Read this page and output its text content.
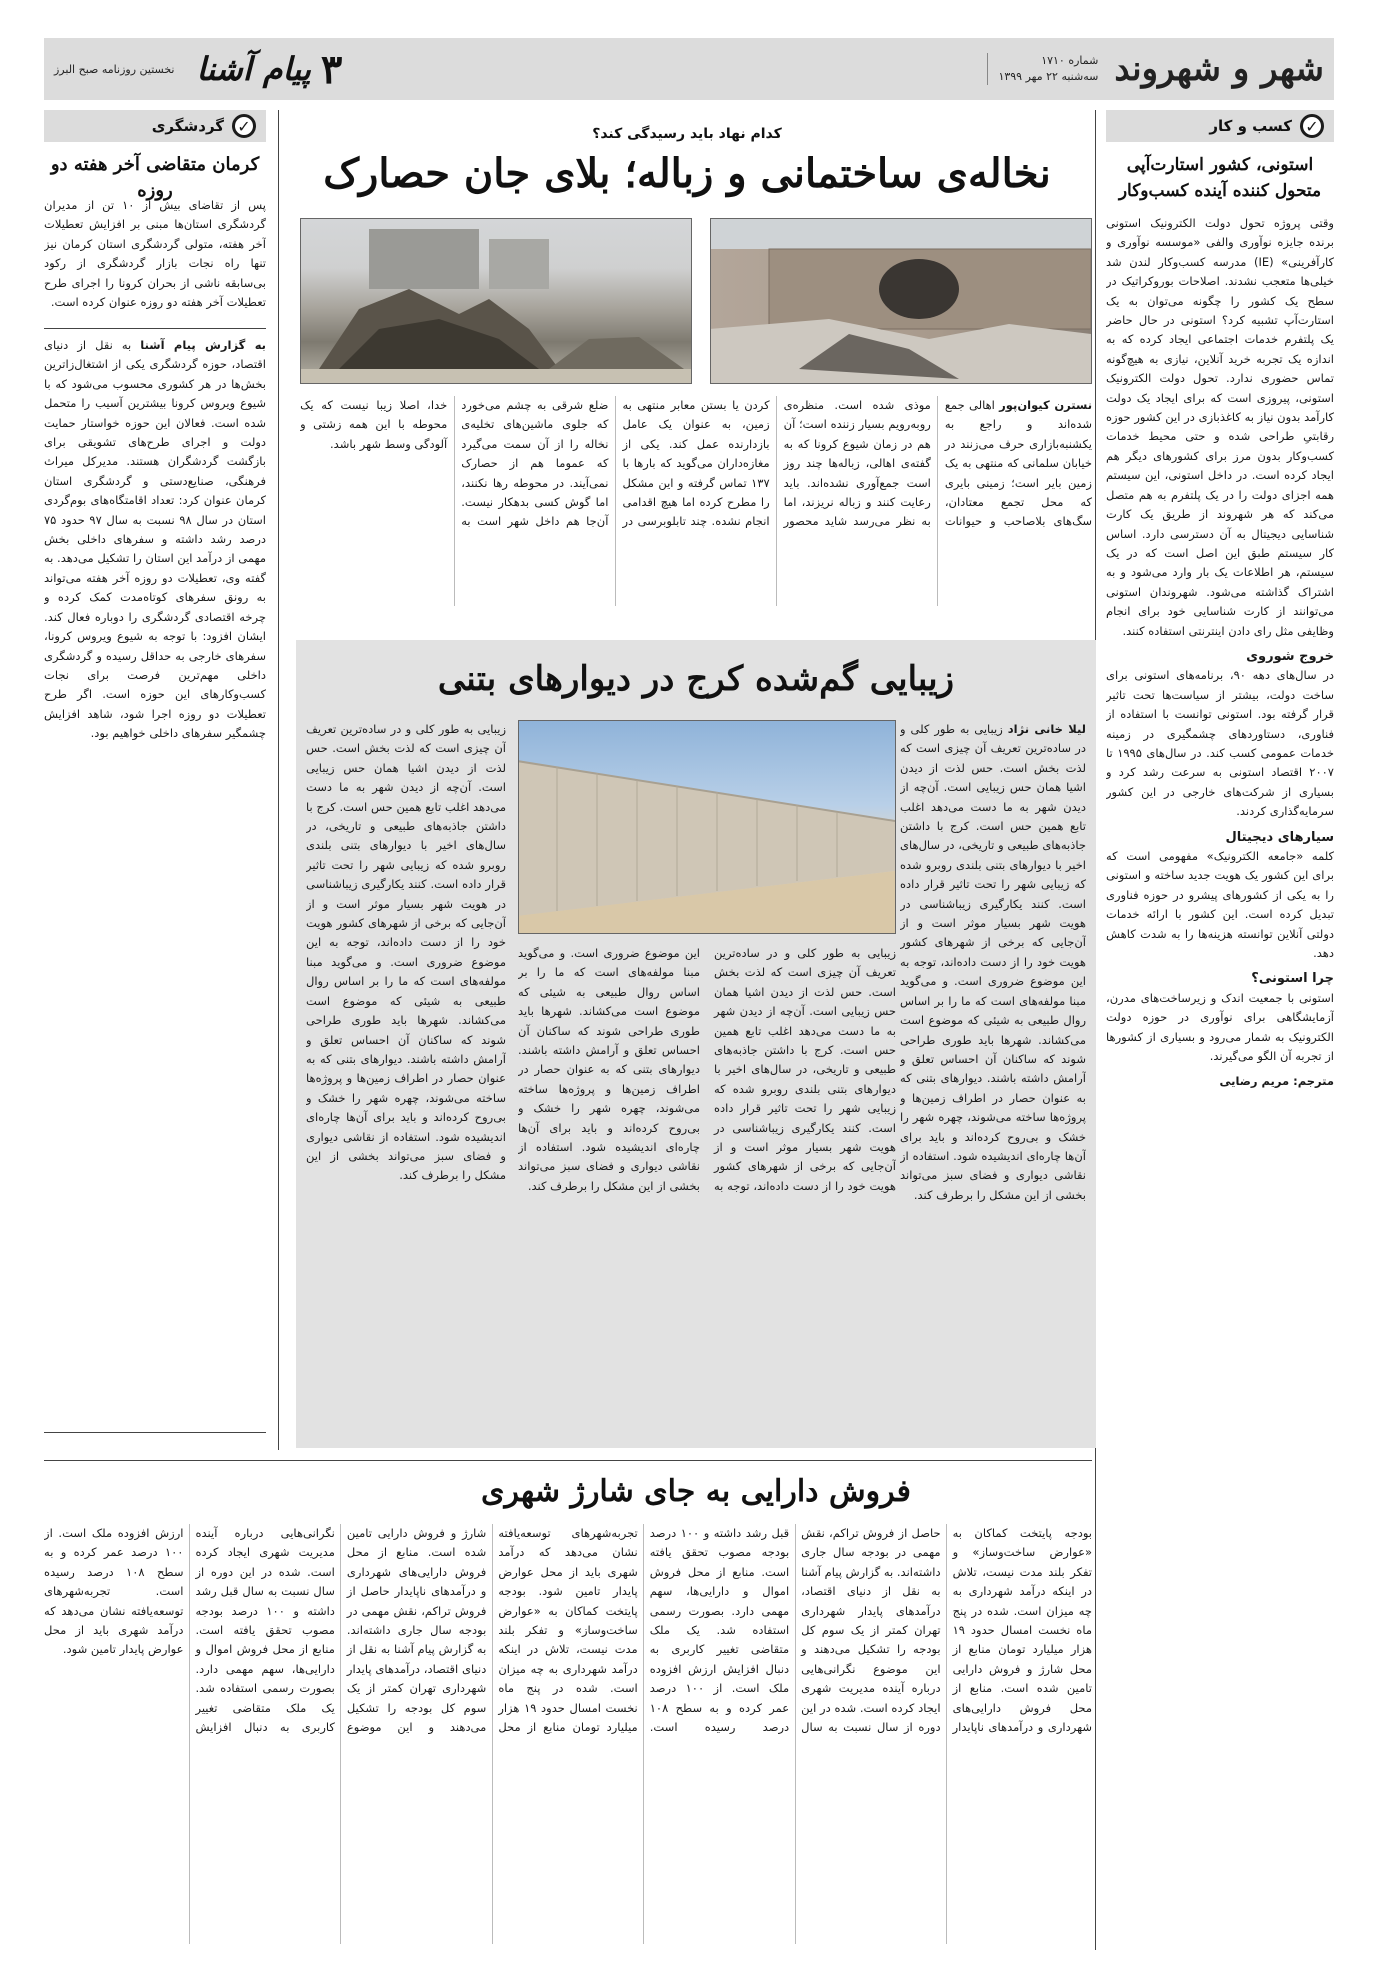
شهر و شهروند
شماره ۱۷۱۰
سه‌شنبه ۲۲ مهر ۱۳۹۹
۳
پیام آشنا
نخستین روزنامه صبح البرز
✓
کسب و کار
استونی، کشور استارت‌آپی متحول کننده آینده کسب‌وکار

وقتی پروژه تحول دولت الکترونیک استونی برنده جایزه نوآوری والفی «موسسه نوآوری و کارآفرینی» (IE) مدرسه کسب‌وکار لندن شد خیلی‌ها متعجب نشدند. اصلاحات بوروکراتیک در سطح یک کشور را چگونه می‌توان به یک استارت‌آپ تشبیه کرد؟ استونی در حال حاضر یک پلتفرم خدمات اجتماعی ایجاد کرده که به اندازه یک تجربه خرید آنلاین، نیازی به هیچ‌گونه تماس حضوری ندارد. تحول دولت الکترونیک استونی، پیروزی است که برای ایجاد یک دولت کارآمد بدون نیاز به کاغذبازی در این کشور حوزه رقابتیِ طراحی شده و حتی محیط خدمات کسب‌وکار بدون مرز برای کشورهای دیگر هم ایجاد کرده است. در داخل استونی، این سیستم همه اجزای دولت را در یک پلتفرم به هم متصل می‌کند که هر شهروند از طریق یک کارت شناسایی دیجیتال به آن دسترسی دارد. اساس کار سیستم طبق این اصل است که در یک سیستم، هر اطلاعات یک بار وارد می‌شود و به اشتراک گذاشته می‌شود. شهروندان استونی می‌توانند از کارت شناسایی خود برای انجام وظایفی مثل رای دادن اینترنتی استفاده کنند.

خروج شوروی

در سال‌های دهه ۹۰، برنامه‌های استونی برای ساخت دولت، بیشتر از سیاست‌ها تحت تاثیر قرار گرفته بود. استونی توانست با استفاده از فناوری، دستاوردهای چشمگیری در زمینه خدمات عمومی کسب کند. در سال‌های ۱۹۹۵ تا ۲۰۰۷ اقتصاد استونی به سرعت رشد کرد و بسیاری از شرکت‌های خارجی در این کشور سرمایه‌گذاری کردند.

سیارهای دیجیتال

کلمه «جامعه الکترونیک» مفهومی است که برای این کشور یک هویت جدید ساخته و استونی را به یکی از کشورهای پیشرو در حوزه فناوری تبدیل کرده است. این کشور با ارائه خدمات دولتی آنلاین توانسته هزینه‌ها را به شدت کاهش دهد.

چرا استونی؟

استونی با جمعیت اندک و زیرساخت‌های مدرن، آزمایشگاهی برای نوآوری در حوزه دولت الکترونیک به شمار می‌رود و بسیاری از کشورها از تجربه آن الگو می‌گیرند.

مترجم: مریم رضایی

✓
گردشگری
کرمان متقاضی آخر هفته دو روزه
پس از تقاضای بیش از ۱۰ تن از مدیران گردشگری استان‌ها مبنی بر افزایش تعطیلات آخر هفته، متولی گردشگری استان کرمان نیز تنها راه نجات بازار گردشگری از رکود بی‌سابقه ناشی از بحران کرونا را اجرای طرح تعطیلات آخر هفته دو روزه عنوان کرده است.
به گزارش پیام آشنا به نقل از دنیای اقتصاد، حوزه گردشگری یکی از اشتغال‌زاترین بخش‌ها در هر کشوری محسوب می‌شود که با شیوع ویروس کرونا بیشترین آسیب را متحمل شده است. فعالان این حوزه خواستار حمایت دولت و اجرای طرح‌های تشویقی برای بازگشت گردشگران هستند. مدیرکل میراث فرهنگی، صنایع‌دستی و گردشگری استان کرمان عنوان کرد: تعداد اقامتگاه‌های بوم‌گردی استان در سال ۹۸ نسبت به سال ۹۷ حدود ۷۵ درصد رشد داشته و سفرهای داخلی بخش مهمی از درآمد این استان را تشکیل می‌دهد. به گفته وی، تعطیلات دو روزه آخر هفته می‌تواند به رونق سفرهای کوتاه‌مدت کمک کرده و چرخه اقتصادی گردشگری را دوباره فعال کند. ایشان افزود: با توجه به شیوع ویروس کرونا، سفرهای خارجی به حداقل رسیده و گردشگری داخلی مهم‌ترین فرصت برای نجات کسب‌وکارهای این حوزه است. اگر طرح تعطیلات دو روزه اجرا شود، شاهد افزایش چشمگیر سفرهای داخلی خواهیم بود.
کدام نهاد باید رسیدگی کند؟
نخاله‌ی ساختمانی و زباله؛ بلای جان حصارک
نسترن کیوان‌پور اهالی جمع شده‌اند و راجع به یکشنبه‌بازاری حرف می‌زنند در خیابان سلمانی که منتهی به یک زمین بایر است؛ زمینی بایری که محل تجمع معتادان، سگ‌های بلاصاحب و حیوانات موذی شده است. منظره‌ی روبه‌رویم بسیار زننده است؛ آن هم در زمان شیوع کرونا که به گفته‌ی اهالی، زباله‌ها چند روز است جمع‌آوری نشده‌اند. باید رعایت کنند و زباله نریزند، اما به نظر می‌رسد شاید محصور کردن یا بستن معابر منتهی به زمین، به عنوان یک عامل بازدارنده عمل کند. یکی از مغازه‌داران می‌گوید که بارها با ۱۳۷ تماس گرفته و این مشکل را مطرح کرده اما هیچ اقدامی انجام نشده. چند تابلوبرسی در ضلع شرقی به چشم می‌خورد که جلوی ماشین‌های تخلیه‌ی نخاله را از آن سمت می‌گیرد که عموما هم از حصارک نمی‌آیند. در محوطه رها نکنند، اما گوش کسی بدهکار نیست. آن‌جا هم داخل شهر است به خدا، اصلا زیبا نیست که یک محوطه با این همه زشتی و آلودگی وسط شهر باشد.
زیبایی گم‌شده کرج در دیوارهای بتنی
لیلا خانی نژاد زیبایی به طور کلی و در ساده‌ترین تعریف آن چیزی است که لذت بخش است. حس لذت از دیدن اشیا همان حس زیبایی است. آن‌چه از دیدن شهر به ما دست می‌دهد اغلب تابع همین حس است. کرج با داشتن جاذبه‌های طبیعی و تاریخی، در سال‌های اخیر با دیوارهای بتنی بلندی روبرو شده که زیبایی شهر را تحت تاثیر قرار داده است. کنند یکارگیری زیباشناسی در هویت شهر بسیار موثر است و از آن‌جایی که برخی از شهرهای کشور هویت خود را از دست داده‌اند، توجه به این موضوع ضروری است. و می‌گوید مبنا مولفه‌های است که ما را بر اساس روال طبیعی به شیئی که موضوع است می‌کشاند. شهرها باید طوری طراحی شوند که ساکنان آن احساس تعلق و آرامش داشته باشند. دیوارهای بتنی که به عنوان حصار در اطراف زمین‌ها و پروژه‌ها ساخته می‌شوند، چهره شهر را خشک و بی‌روح کرده‌اند و باید برای آن‌ها چاره‌ای اندیشیده شود. استفاده از نقاشی دیواری و فضای سبز می‌تواند بخشی از این مشکل را برطرف کند.
زیبایی به طور کلی و در ساده‌ترین تعریف آن چیزی است که لذت بخش است. حس لذت از دیدن اشیا همان حس زیبایی است. آن‌چه از دیدن شهر به ما دست می‌دهد اغلب تابع همین حس است. کرج با داشتن جاذبه‌های طبیعی و تاریخی، در سال‌های اخیر با دیوارهای بتنی بلندی روبرو شده که زیبایی شهر را تحت تاثیر قرار داده است. کنند یکارگیری زیباشناسی در هویت شهر بسیار موثر است و از آن‌جایی که برخی از شهرهای کشور هویت خود را از دست داده‌اند، توجه به این موضوع ضروری است. و می‌گوید مبنا مولفه‌های است که ما را بر اساس روال طبیعی به شیئی که موضوع است می‌کشاند. شهرها باید طوری طراحی شوند که ساکنان آن احساس تعلق و آرامش داشته باشند. دیوارهای بتنی که به عنوان حصار در اطراف زمین‌ها و پروژه‌ها ساخته می‌شوند، چهره شهر را خشک و بی‌روح کرده‌اند و باید برای آن‌ها چاره‌ای اندیشیده شود. استفاده از نقاشی دیواری و فضای سبز می‌تواند بخشی از این مشکل را برطرف کند.
زیبایی به طور کلی و در ساده‌ترین تعریف آن چیزی است که لذت بخش است. حس لذت از دیدن اشیا همان حس زیبایی است. آن‌چه از دیدن شهر به ما دست می‌دهد اغلب تابع همین حس است. کرج با داشتن جاذبه‌های طبیعی و تاریخی، در سال‌های اخیر با دیوارهای بتنی بلندی روبرو شده که زیبایی شهر را تحت تاثیر قرار داده است. کنند یکارگیری زیباشناسی در هویت شهر بسیار موثر است و از آن‌جایی که برخی از شهرهای کشور هویت خود را از دست داده‌اند، توجه به این موضوع ضروری است. و می‌گوید مبنا مولفه‌های است که ما را بر اساس روال طبیعی به شیئی که موضوع است می‌کشاند. شهرها باید طوری طراحی شوند که ساکنان آن احساس تعلق و آرامش داشته باشند. دیوارهای بتنی که به عنوان حصار در اطراف زمین‌ها و پروژه‌ها ساخته می‌شوند، چهره شهر را خشک و بی‌روح کرده‌اند و باید برای آن‌ها چاره‌ای اندیشیده شود. استفاده از نقاشی دیواری و فضای سبز می‌تواند بخشی از این مشکل را برطرف کند.
فروش دارایی به جای شارژ شهری
بودجه پایتخت کماکان به «عوارض ساخت‌وساز» و تفکر بلند مدت نیست، تلاش در اینکه درآمد شهرداری به چه میزان است. شده در پنج ماه نخست امسال حدود ۱۹ هزار میلیارد تومان منابع از محل شارژ و فروش دارایی تامین شده است. منابع از محل فروش دارایی‌های شهرداری و درآمدهای ناپایدار حاصل از فروش تراکم، نقش مهمی در بودجه سال جاری داشته‌اند. به گزارش پیام آشنا به نقل از دنیای اقتصاد، درآمدهای پایدار شهرداری تهران کمتر از یک سوم کل بودجه را تشکیل می‌دهند و این موضوع نگرانی‌هایی درباره آینده مدیریت شهری ایجاد کرده است. شده در این دوره از سال نسبت به سال قبل رشد داشته و ۱۰۰ درصد بودجه مصوب تحقق یافته است. منابع از محل فروش اموال و دارایی‌ها، سهم مهمی دارد. بصورت رسمی استفاده شد. یک ملک متقاضی تغییر کاربری به دنبال افزایش ارزش افزوده ملک است. از ۱۰۰ درصد عمر کرده و به سطح ۱۰۸ درصد رسیده است. تجربه‌شهرهای توسعه‌یافته نشان می‌دهد که درآمد شهری باید از محل عوارض پایدار تامین شود. بودجه پایتخت کماکان به «عوارض ساخت‌وساز» و تفکر بلند مدت نیست، تلاش در اینکه درآمد شهرداری به چه میزان است. شده در پنج ماه نخست امسال حدود ۱۹ هزار میلیارد تومان منابع از محل شارژ و فروش دارایی تامین شده است. منابع از محل فروش دارایی‌های شهرداری و درآمدهای ناپایدار حاصل از فروش تراکم، نقش مهمی در بودجه سال جاری داشته‌اند. به گزارش پیام آشنا به نقل از دنیای اقتصاد، درآمدهای پایدار شهرداری تهران کمتر از یک سوم کل بودجه را تشکیل می‌دهند و این موضوع نگرانی‌هایی درباره آینده مدیریت شهری ایجاد کرده است. شده در این دوره از سال نسبت به سال قبل رشد داشته و ۱۰۰ درصد بودجه مصوب تحقق یافته است. منابع از محل فروش اموال و دارایی‌ها، سهم مهمی دارد. بصورت رسمی استفاده شد. یک ملک متقاضی تغییر کاربری به دنبال افزایش ارزش افزوده ملک است. از ۱۰۰ درصد عمر کرده و به سطح ۱۰۸ درصد رسیده است. تجربه‌شهرهای توسعه‌یافته نشان می‌دهد که درآمد شهری باید از محل عوارض پایدار تامین شود.
